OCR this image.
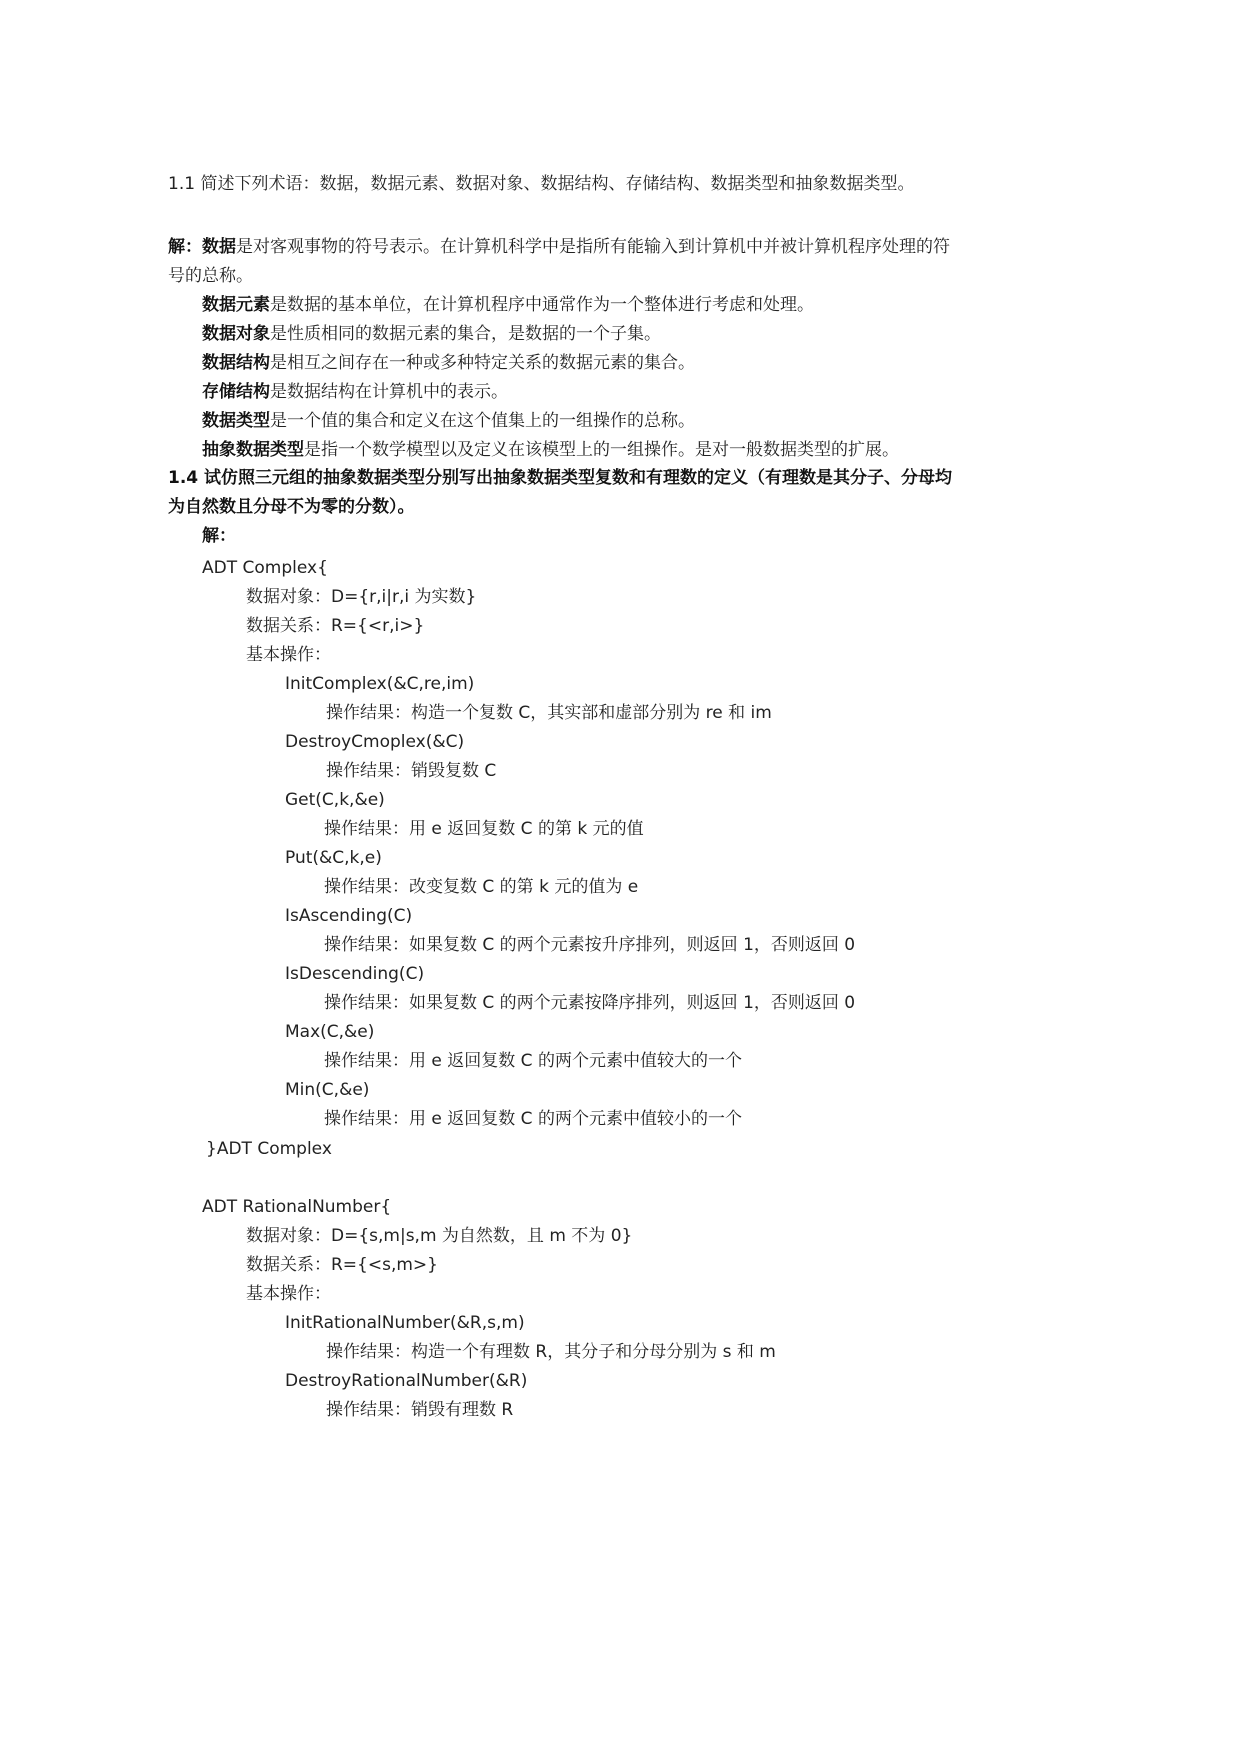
1.1 简述下列术语：数据，数据元素、数据对象、数据结构、存储结构、数据类型和抽象数据类型。
解：数据是对客观事物的符号表示。在计算机科学中是指所有能输入到计算机中并被计算机程序处理的符
号的总称。
数据元素是数据的基本单位，在计算机程序中通常作为一个整体进行考虑和处理。
数据对象是性质相同的数据元素的集合，是数据的一个子集。
数据结构是相互之间存在一种或多种特定关系的数据元素的集合。
存储结构是数据结构在计算机中的表示。
数据类型是一个值的集合和定义在这个值集上的一组操作的总称。
抽象数据类型是指一个数学模型以及定义在该模型上的一组操作。是对一般数据类型的扩展。
1.4 试仿照三元组的抽象数据类型分别写出抽象数据类型复数和有理数的定义（有理数是其分子、分母均
为自然数且分母不为零的分数）。
解：
ADT Complex{
数据对象：D={r,i|r,i 为实数}
数据关系：R={<r,i>}
基本操作：
InitComplex(&C,re,im)
操作结果：构造一个复数 C，其实部和虚部分别为 re 和 im
DestroyCmoplex(&C)
操作结果：销毁复数 C
Get(C,k,&e)
操作结果：用 e 返回复数 C 的第 k 元的值
Put(&C,k,e)
操作结果：改变复数 C 的第 k 元的值为 e
IsAscending(C)
操作结果：如果复数 C 的两个元素按升序排列，则返回 1，否则返回 0
IsDescending(C)
操作结果：如果复数 C 的两个元素按降序排列，则返回 1，否则返回 0
Max(C,&e)
操作结果：用 e 返回复数 C 的两个元素中值较大的一个
Min(C,&e)
操作结果：用 e 返回复数 C 的两个元素中值较小的一个
}ADT Complex
ADT RationalNumber{
数据对象：D={s,m|s,m 为自然数，且 m 不为 0}
数据关系：R={<s,m>}
基本操作：
InitRationalNumber(&R,s,m)
操作结果：构造一个有理数 R，其分子和分母分别为 s 和 m
DestroyRationalNumber(&R)
操作结果：销毁有理数 R
